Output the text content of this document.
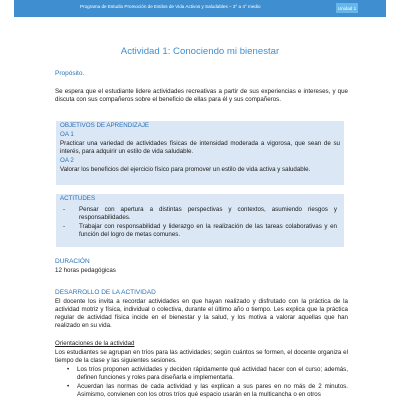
Programa de Estudio Promoción de Estilos de Vida Activos y Saludables – 3° a 4° medio	Unidad 1
Actividad 1: Conociendo mi bienestar
Propósito.
Se espera que el estudiante lidere actividades recreativas a partir de sus experiencias e intereses, y que discuta con sus compañeros sobre el beneficio de ellas para él y sus compañeros.
OBJETIVOS DE APRENDIZAJE
OA 1
Practicar una variedad de actividades físicas de intensidad moderada a vigorosa, que sean de su interés, para adquirir un estilo de vida saludable.
OA 2
Valorar los beneficios del ejercicio físico para promover un estilo de vida activa y saludable.
ACTITUDES
- Pensar con apertura a distintas perspectivas y contextos, asumiendo riesgos y responsabilidades.
- Trabajar con responsabilidad y liderazgo en la realización de las tareas colaborativas y en función del logro de metas comunes.
DURACIÓN
12 horas pedagógicas
DESARROLLO DE LA ACTIVIDAD
El docente los invita a recordar actividades en que hayan realizado y disfrutado con la práctica de la actividad motriz y física, individual o colectiva, durante el último año o tiempo. Les explica que la práctica regular de actividad física incide en el bienestar y la salud, y los motiva a valorar aquellas que han realizado en su vida.
Orientaciones de la actividad
Los estudiantes se agrupan en tríos para las actividades; según cuántos se formen, el docente organiza el tiempo de la clase y las siguientes sesiones.
• Los tríos proponen actividades y deciden rápidamente qué actividad hacer con el curso; además, definen funciones y roles para diseñarla e implementarla.
• Acuerdan las normas de cada actividad y las explican a sus pares en no más de 2 minutos. Asimismo, convienen con los otros tríos qué espacio usarán en la multicancha o en otros
